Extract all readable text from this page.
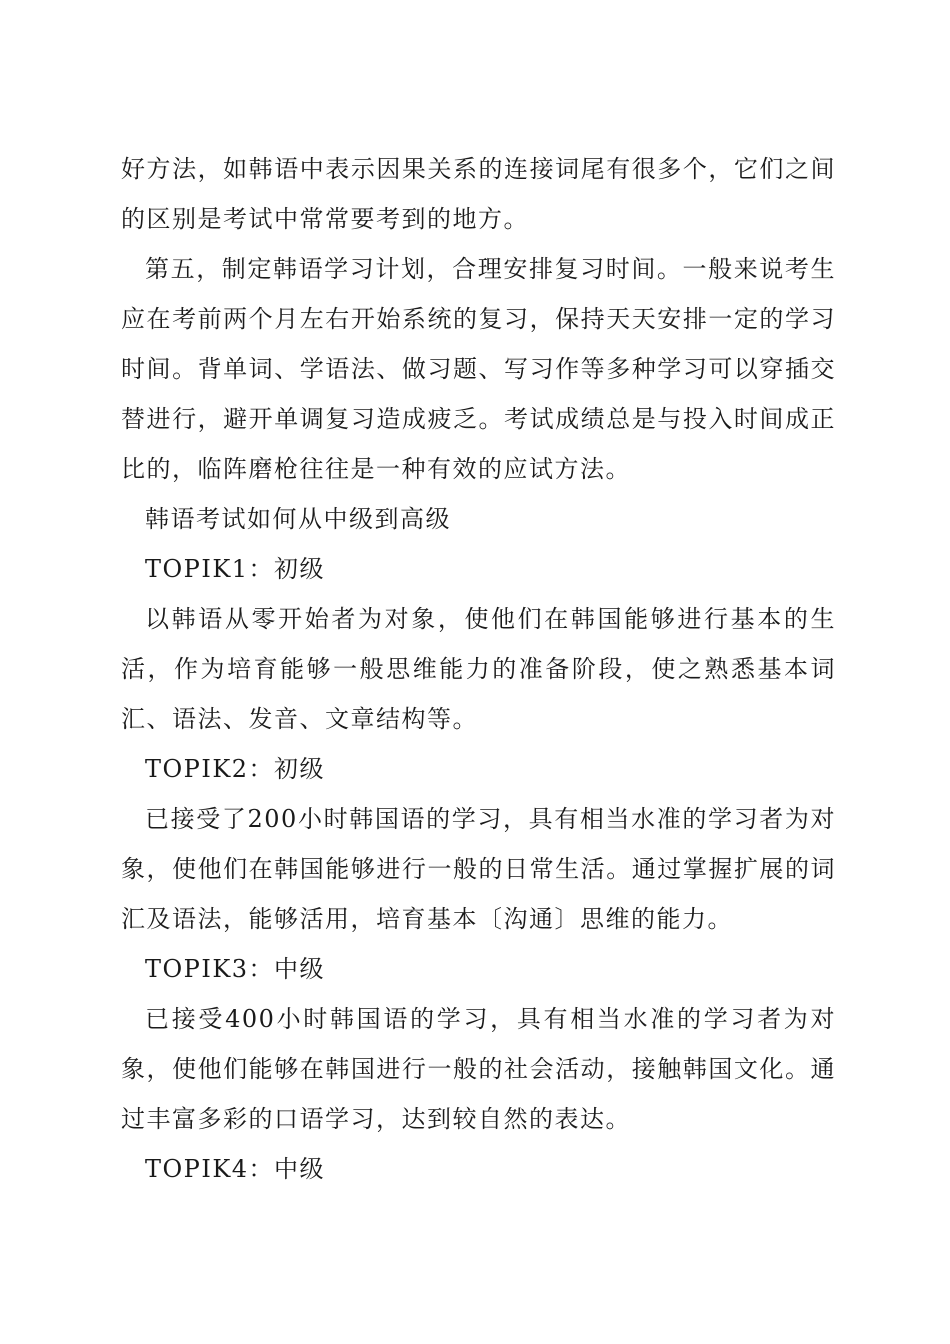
好方法，如韩语中表示因果关系的连接词尾有很多个，它们之间的区别是考试中常常要考到的地方。

第五，制定韩语学习计划，合理安排复习时间。一般来说考生应在考前两个月左右开始系统的复习，保持天天安排一定的学习时间。背单词、学语法、做习题、写习作等多种学习可以穿插交替进行，避开单调复习造成疲乏。考试成绩总是与投入时间成正比的，临阵磨枪往往是一种有效的应试方法。

韩语考试如何从中级到高级

TOPIK1：初级

以韩语从零开始者为对象，使他们在韩国能够进行基本的生活，作为培育能够一般思维能力的准备阶段，使之熟悉基本词汇、语法、发音、文章结构等。

TOPIK2：初级

已接受了200小时韩国语的学习，具有相当水准的学习者为对象，使他们在韩国能够进行一般的日常生活。通过掌握扩展的词汇及语法，能够活用，培育基本〔沟通〕思维的能力。

TOPIK3：中级

已接受400小时韩国语的学习，具有相当水准的学习者为对象，使他们能够在韩国进行一般的社会活动，接触韩国文化。通过丰富多彩的口语学习，达到较自然的表达。

TOPIK4：中级
